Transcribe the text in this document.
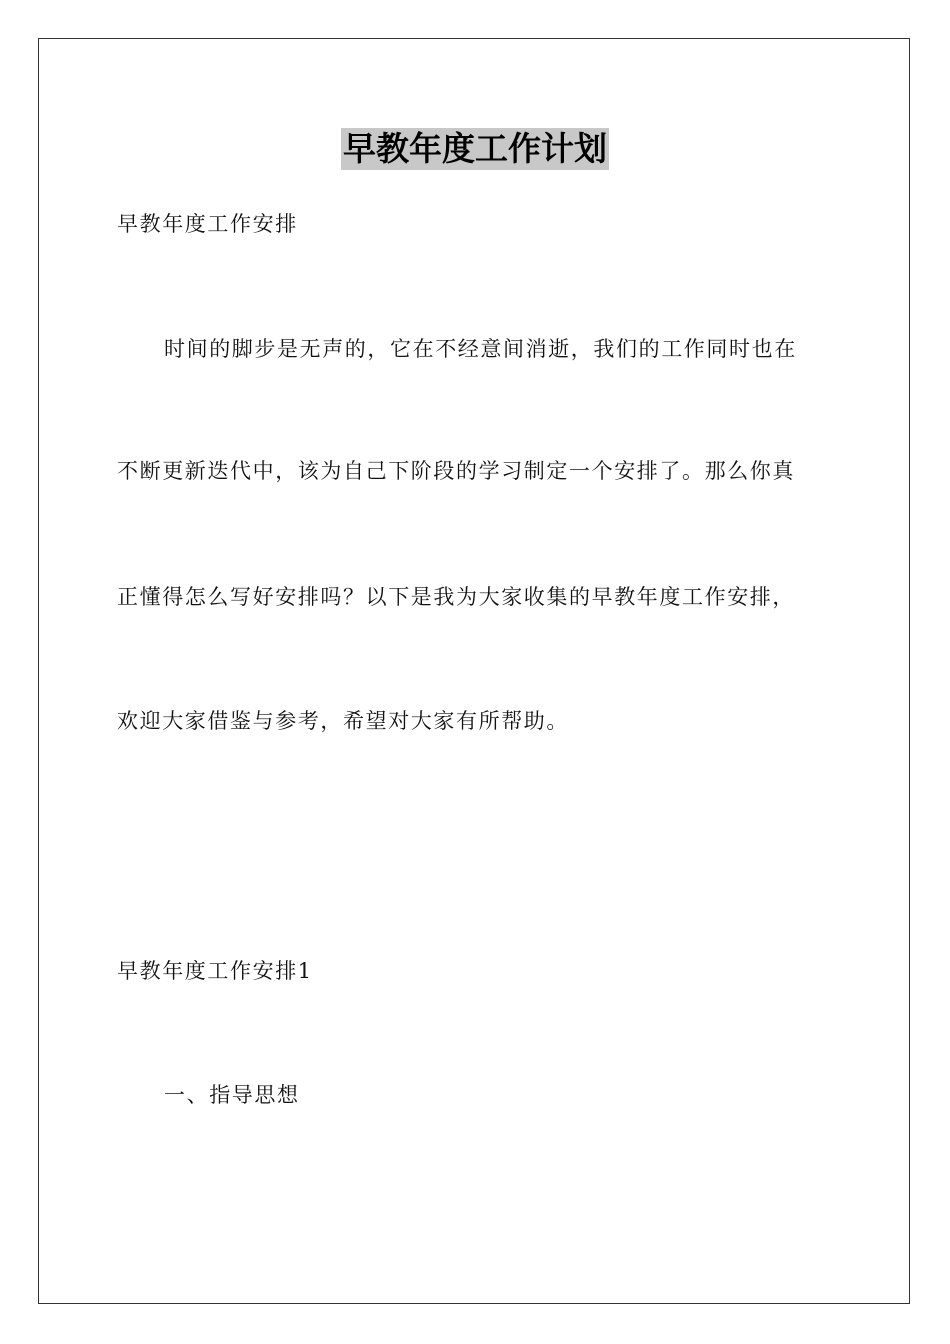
早教年度工作计划
早教年度工作安排
时间的脚步是无声的，它在不经意间消逝，我们的工作同时也在
不断更新迭代中，该为自己下阶段的学习制定一个安排了。那么你真
正懂得怎么写好安排吗？以下是我为大家收集的早教年度工作安排，
欢迎大家借鉴与参考，希望对大家有所帮助。
早教年度工作安排1
一、指导思想
